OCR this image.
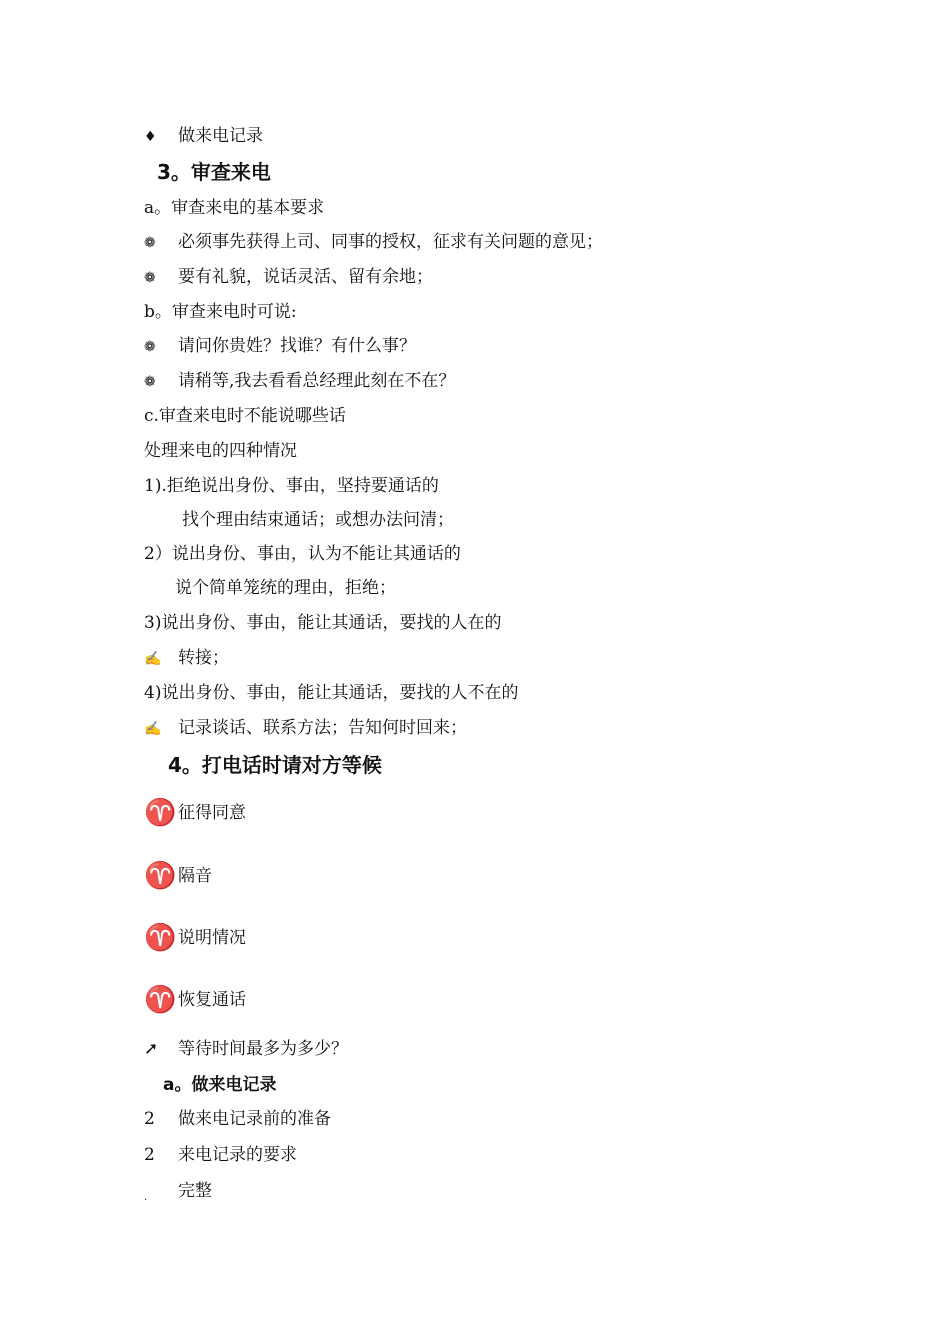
♦ 做来电记录
3。审查来电
a。审查来电的基本要求
❁ 必须事先获得上司、同事的授权，征求有关问题的意见；
❁ 要有礼貌，说话灵活、留有余地；
b。审查来电时可说:
❁ 请问你贵姓？找谁？有什么事？
❁ 请稍等,我去看看总经理此刻在不在？
c.审查来电时不能说哪些话
处理来电的四种情况
1).拒绝说出身份、事由，坚持要通话的
找个理由结束通话；或想办法问清；
2）说出身份、事由，认为不能让其通话的
说个简单笼统的理由，拒绝；
3)说出身份、事由，能让其通话，要找的人在的
✍ 转接；
4)说出身份、事由，能让其通话，要找的人不在的
✍ 记录谈话、联系方法；告知何时回来；
4。打电话时请对方等候
♈征得同意
♈隔音
♈说明情况
♈恢复通话
➚ 等待时间最多为多少？
a。做来电记录
2 做来电记录前的准备
2 来电记录的要求
. 完整
